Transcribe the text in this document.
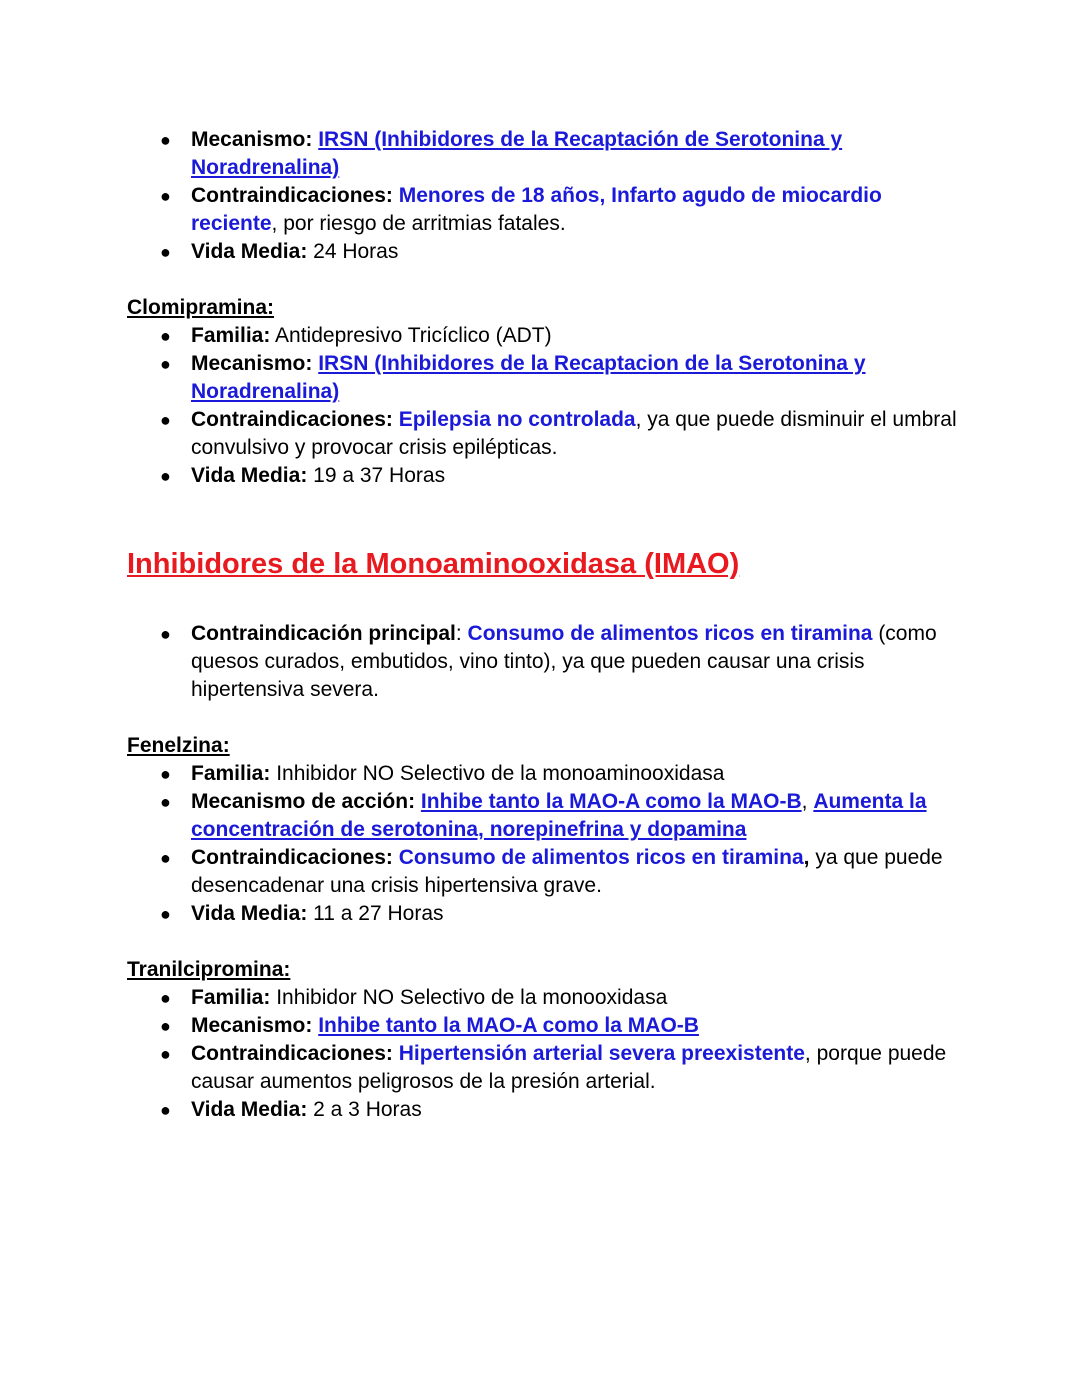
● Mecanismo: IRSN (Inhibidores de la Recaptación de Serotonina y Noradrenalina)
● Contraindicaciones: Menores de 18 años, Infarto agudo de miocardio reciente, por riesgo de arritmias fatales.
● Vida Media: 24 Horas

Clomipramina:

● Familia: Antidepresivo Tricíclico (ADT)
● Mecanismo: IRSN (Inhibidores de la Recaptacion de la Serotonina y Noradrenalina)
● Contraindicaciones: Epilepsia no controlada, ya que puede disminuir el umbral convulsivo y provocar crisis epilépticas.
● Vida Media: 19 a 37 Horas
Inhibidores de la Monoaminooxidasa (IMAO)
● Contraindicación principal: Consumo de alimentos ricos en tiramina (como quesos curados, embutidos, vino tinto), ya que pueden causar una crisis hipertensiva severa.

Fenelzina:

● Familia: Inhibidor NO Selectivo de la monoaminooxidasa
● Mecanismo de acción: Inhibe tanto la MAO-A como la MAO-B, Aumenta la concentración de serotonina, norepinefrina y dopamina
● Contraindicaciones: Consumo de alimentos ricos en tiramina, ya que puede desencadenar una crisis hipertensiva grave.
● Vida Media: 11 a 27 Horas

Tranilcipromina:

● Familia: Inhibidor NO Selectivo de la monooxidasa
● Mecanismo: Inhibe tanto la MAO-A como la MAO-B
● Contraindicaciones: Hipertensión arterial severa preexistente, porque puede causar aumentos peligrosos de la presión arterial.
● Vida Media: 2 a 3 Horas
